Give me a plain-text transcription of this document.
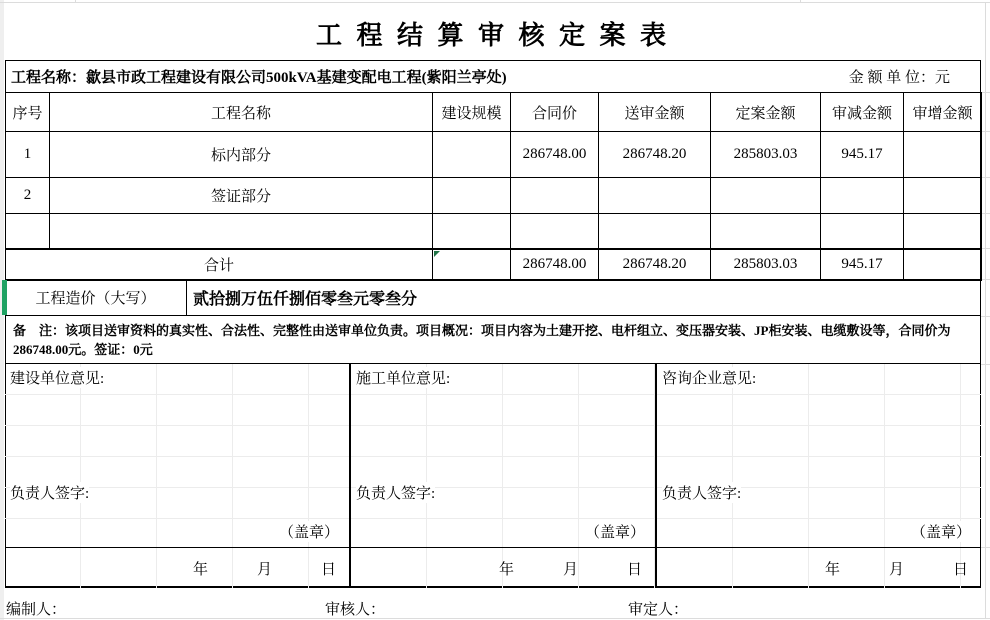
工 程 结 算 审 核 定 案 表
工程名称：歙县市政工程建设有限公司500kVA基建变配电工程(紫阳兰亭处)	金 额 单 位：元
序号	工程名称	建设规模	合同价	送审金额	定案金额	审减金额	审增金额
1	标内部分		286748.00	286748.20	285803.03	945.17	
2	签证部分						

合计			286748.00	286748.20	285803.03	945.17	
工程造价（大写）	贰拾捌万伍仟捌佰零叁元零叁分
备　注：该项目送审资料的真实性、合法性、完整性由送审单位负责。项目概况：项目内容为土建开挖、电杆组立、变压器安装、JP柜安装、电缆敷设等，合同价为
286748.00元。签证：0元
建设单位意见:
负责人签字:
（盖章）
施工单位意见:
负责人签字:
（盖章）
咨询企业意见:
负责人签字:
（盖章）
年	月	日	年	月	日	年	月	日
编制人：	审核人：	审定人：
